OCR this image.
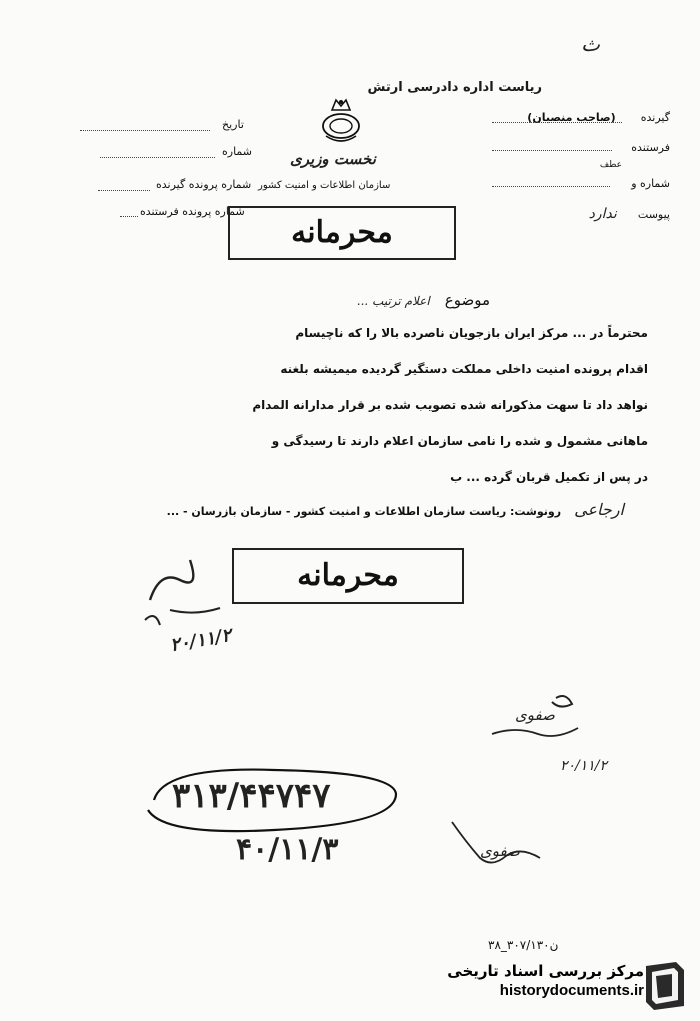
ث
ریاست اداره دادرسی ارتش
گیرنده (صاحب منصبان)
فرستنده
شماره و
عطف
پیوست ندارد
نخست وزیری
سازمان اطلاعات و امنیت کشور
تاریخ
شماره
شماره پرونده گیرنده
شماره پرونده فرستنده
محرمانه
موضوع اعلام ترتیب ...
محترماً در ... مرکز ایران بازجویان ناصرده بالا را که ناچیسام
اقدام پرونده امنیت داخلی مملکت دستگیر گردیده میمیشه بلغنه
نواهد داد تا سهت مذکورانه شده تصویب شده بر قرار مدارانه المدام
ماهانی مشمول و شده را نامی سازمان اعلام دارند تا رسیدگی و
در پس از تکمیل قربان گرده ... ب
ارجاعی رونوشت: ریاست سازمان اطلاعات و امنیت کشور - سازمان بازرسان - ...
محرمانه
۲۰/۱۱/۲
صفوی
۲۰/۱۱/۲
۳۱۳/۴۴۷۴۷
۴۰/۱۱/۳	صفوی
۳۸_۳۰۷/۱۳۰ن
مرکز بررسی اسناد تاریخی
historydocuments.ir
